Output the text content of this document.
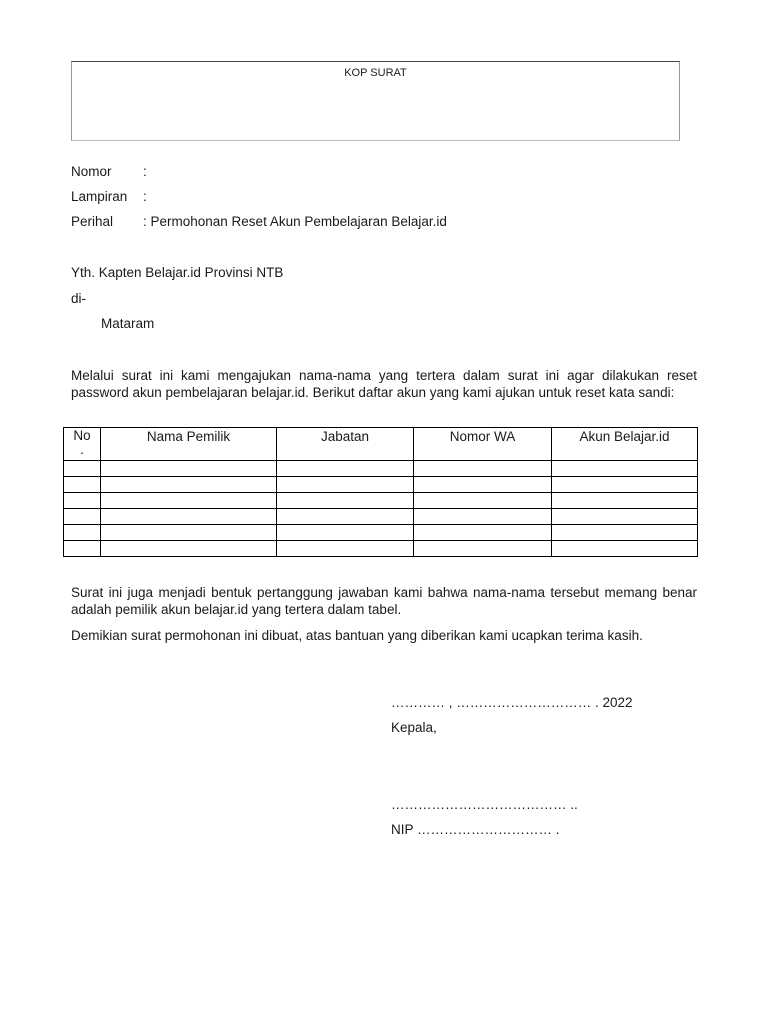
KOP SURAT
Nomor :
Lampiran :
Perihal : Permohonan Reset Akun Pembelajaran Belajar.id
Yth. Kapten Belajar.id Provinsi NTB
di-
Mataram
Melalui surat ini kami mengajukan nama-nama yang tertera dalam surat ini agar dilakukan reset password akun pembelajaran belajar.id. Berikut daftar akun yang kami ajukan untuk reset kata sandi:
No
.	Nama Pemilik	Jabatan	Nomor WA	Akun Belajar.id

Surat ini juga menjadi bentuk pertanggung jawaban kami bahwa nama-nama tersebut memang benar adalah pemilik akun belajar.id yang tertera dalam tabel.
Demikian surat permohonan ini dibuat, atas bantuan yang diberikan kami ucapkan terima kasih.
………… , ………………………… . 2022
Kepala,
………………………………… ..
NIP ………………………… .
